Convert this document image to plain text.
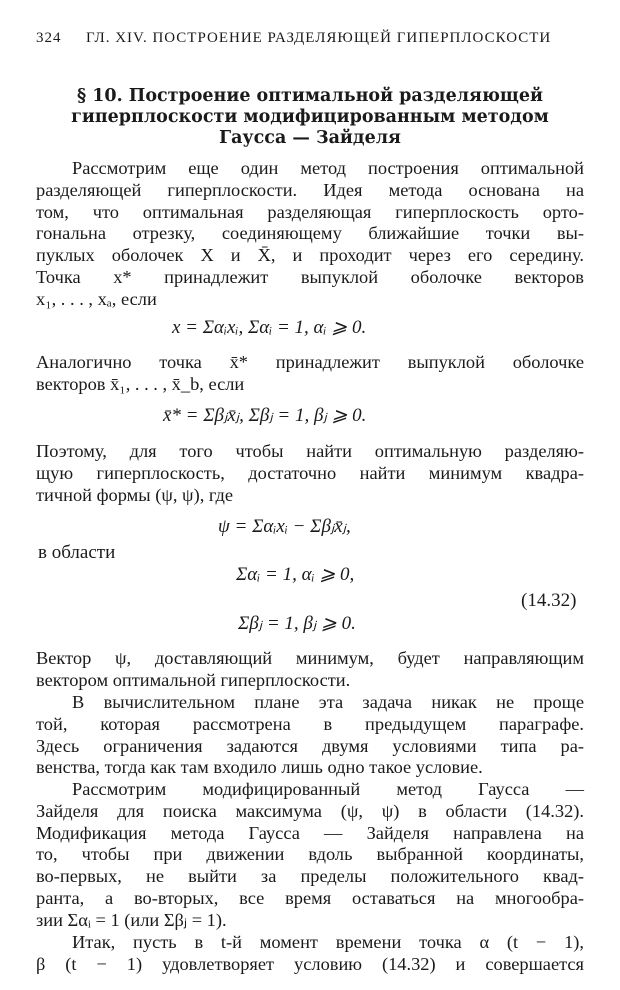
324 ГЛ. XIV. ПОСТРОЕНИЕ РАЗДЕЛЯЮЩЕЙ ГИПЕРПЛОСКОСТИ
§ 10. Построение оптимальной разделяющей
гиперплоскости модифицированным методом
Гаусса — Зайделя
Рассмотрим еще один метод построения оптимальной
разделяющей гиперплоскости. Идея метода основана на
том, что оптимальная разделяющая гиперплоскость орто-
гональна отрезку, соединяющему ближайшие точки вы-
пуклых оболочек X и X̄, и проходит через его середину.
Точка x* принадлежит выпуклой оболочке векторов
x₁, . . . , xₐ, если
x = Σαᵢxᵢ, Σαᵢ = 1, αᵢ ⩾ 0.
Аналогично точка x̄* принадлежит выпуклой оболочке
векторов x̄₁, . . . , x̄_b, если
x̄* = Σβⱼx̄ⱼ, Σβⱼ = 1, βⱼ ⩾ 0.
Поэтому, для того чтобы найти оптимальную разделяю-
щую гиперплоскость, достаточно найти минимум квадра-
тичной формы (ψ, ψ), где
ψ = Σαᵢxᵢ − Σβⱼx̄ⱼ,
в области
Σαᵢ = 1, αᵢ ⩾ 0,
(14.32)
Σβⱼ = 1, βⱼ ⩾ 0.
Вектор ψ, доставляющий минимум, будет направляющим
вектором оптимальной гиперплоскости.
В вычислительном плане эта задача никак не проще
той, которая рассмотрена в предыдущем параграфе.
Здесь ограничения задаются двумя условиями типа ра-
венства, тогда как там входило лишь одно такое условие.
Рассмотрим модифицированный метод Гаусса —
Зайделя для поиска максимума (ψ, ψ) в области (14.32).
Модификация метода Гаусса — Зайделя направлена на
то, чтобы при движении вдоль выбранной координаты,
во-первых, не выйти за пределы положительного квад-
ранта, а во-вторых, все время оставаться на многообра-
зии Σαᵢ = 1 (или Σβⱼ = 1).
Итак, пусть в t-й момент времени точка α (t − 1),
β (t − 1) удовлетворяет условию (14.32) и совершается
